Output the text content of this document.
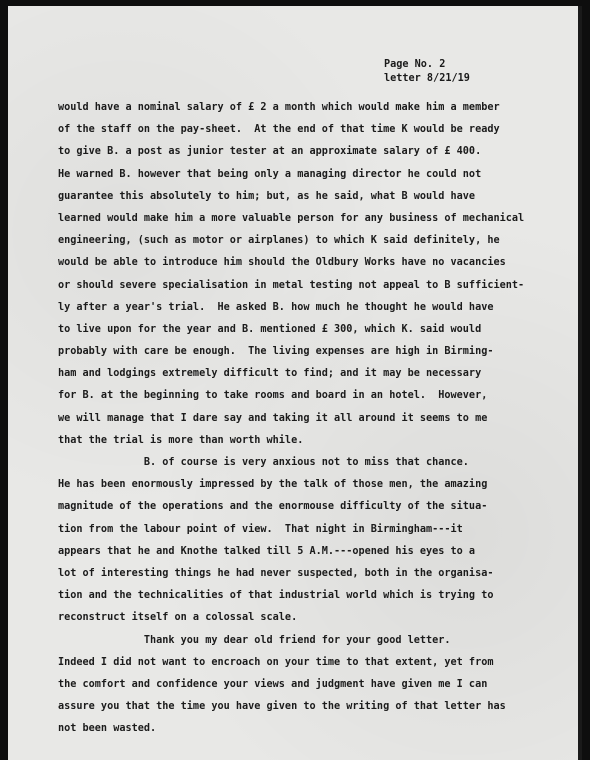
Page No. 2
letter 8/21/19
would have a nominal salary of £ 2 a month which would make him a member
of the staff on the pay-sheet.  At the end of that time K would be ready
to give B. a post as junior tester at an approximate salary of £ 400.
He warned B. however that being only a managing director he could not
guarantee this absolutely to him; but, as he said, what B would have
learned would make him a more valuable person for any business of mechanical
engineering, (such as motor or airplanes) to which K said definitely, he
would be able to introduce him should the Oldbury Works have no vacancies
or should severe specialisation in metal testing not appeal to B sufficient-
ly after a year's trial.  He asked B. how much he thought he would have
to live upon for the year and B. mentioned £ 300, which K. said would
probably with care be enough.  The living expenses are high in Birming-
ham and lodgings extremely difficult to find; and it may be necessary
for B. at the beginning to take rooms and board in an hotel.  However,
we will manage that I dare say and taking it all around it seems to me
that the trial is more than worth while.
B. of course is very anxious not to miss that chance.
He has been enormously impressed by the talk of those men, the amazing
magnitude of the operations and the enormouse difficulty of the situa-
tion from the labour point of view.  That night in Birmingham---it
appears that he and Knothe talked till 5 A.M.---opened his eyes to a
lot of interesting things he had never suspected, both in the organisa-
tion and the technicalities of that industrial world which is trying to
reconstruct itself on a colossal scale.
Thank you my dear old friend for your good letter.
Indeed I did not want to encroach on your time to that extent, yet from
the comfort and confidence your views and judgment have given me I can
assure you that the time you have given to the writing of that letter has
not been wasted.
